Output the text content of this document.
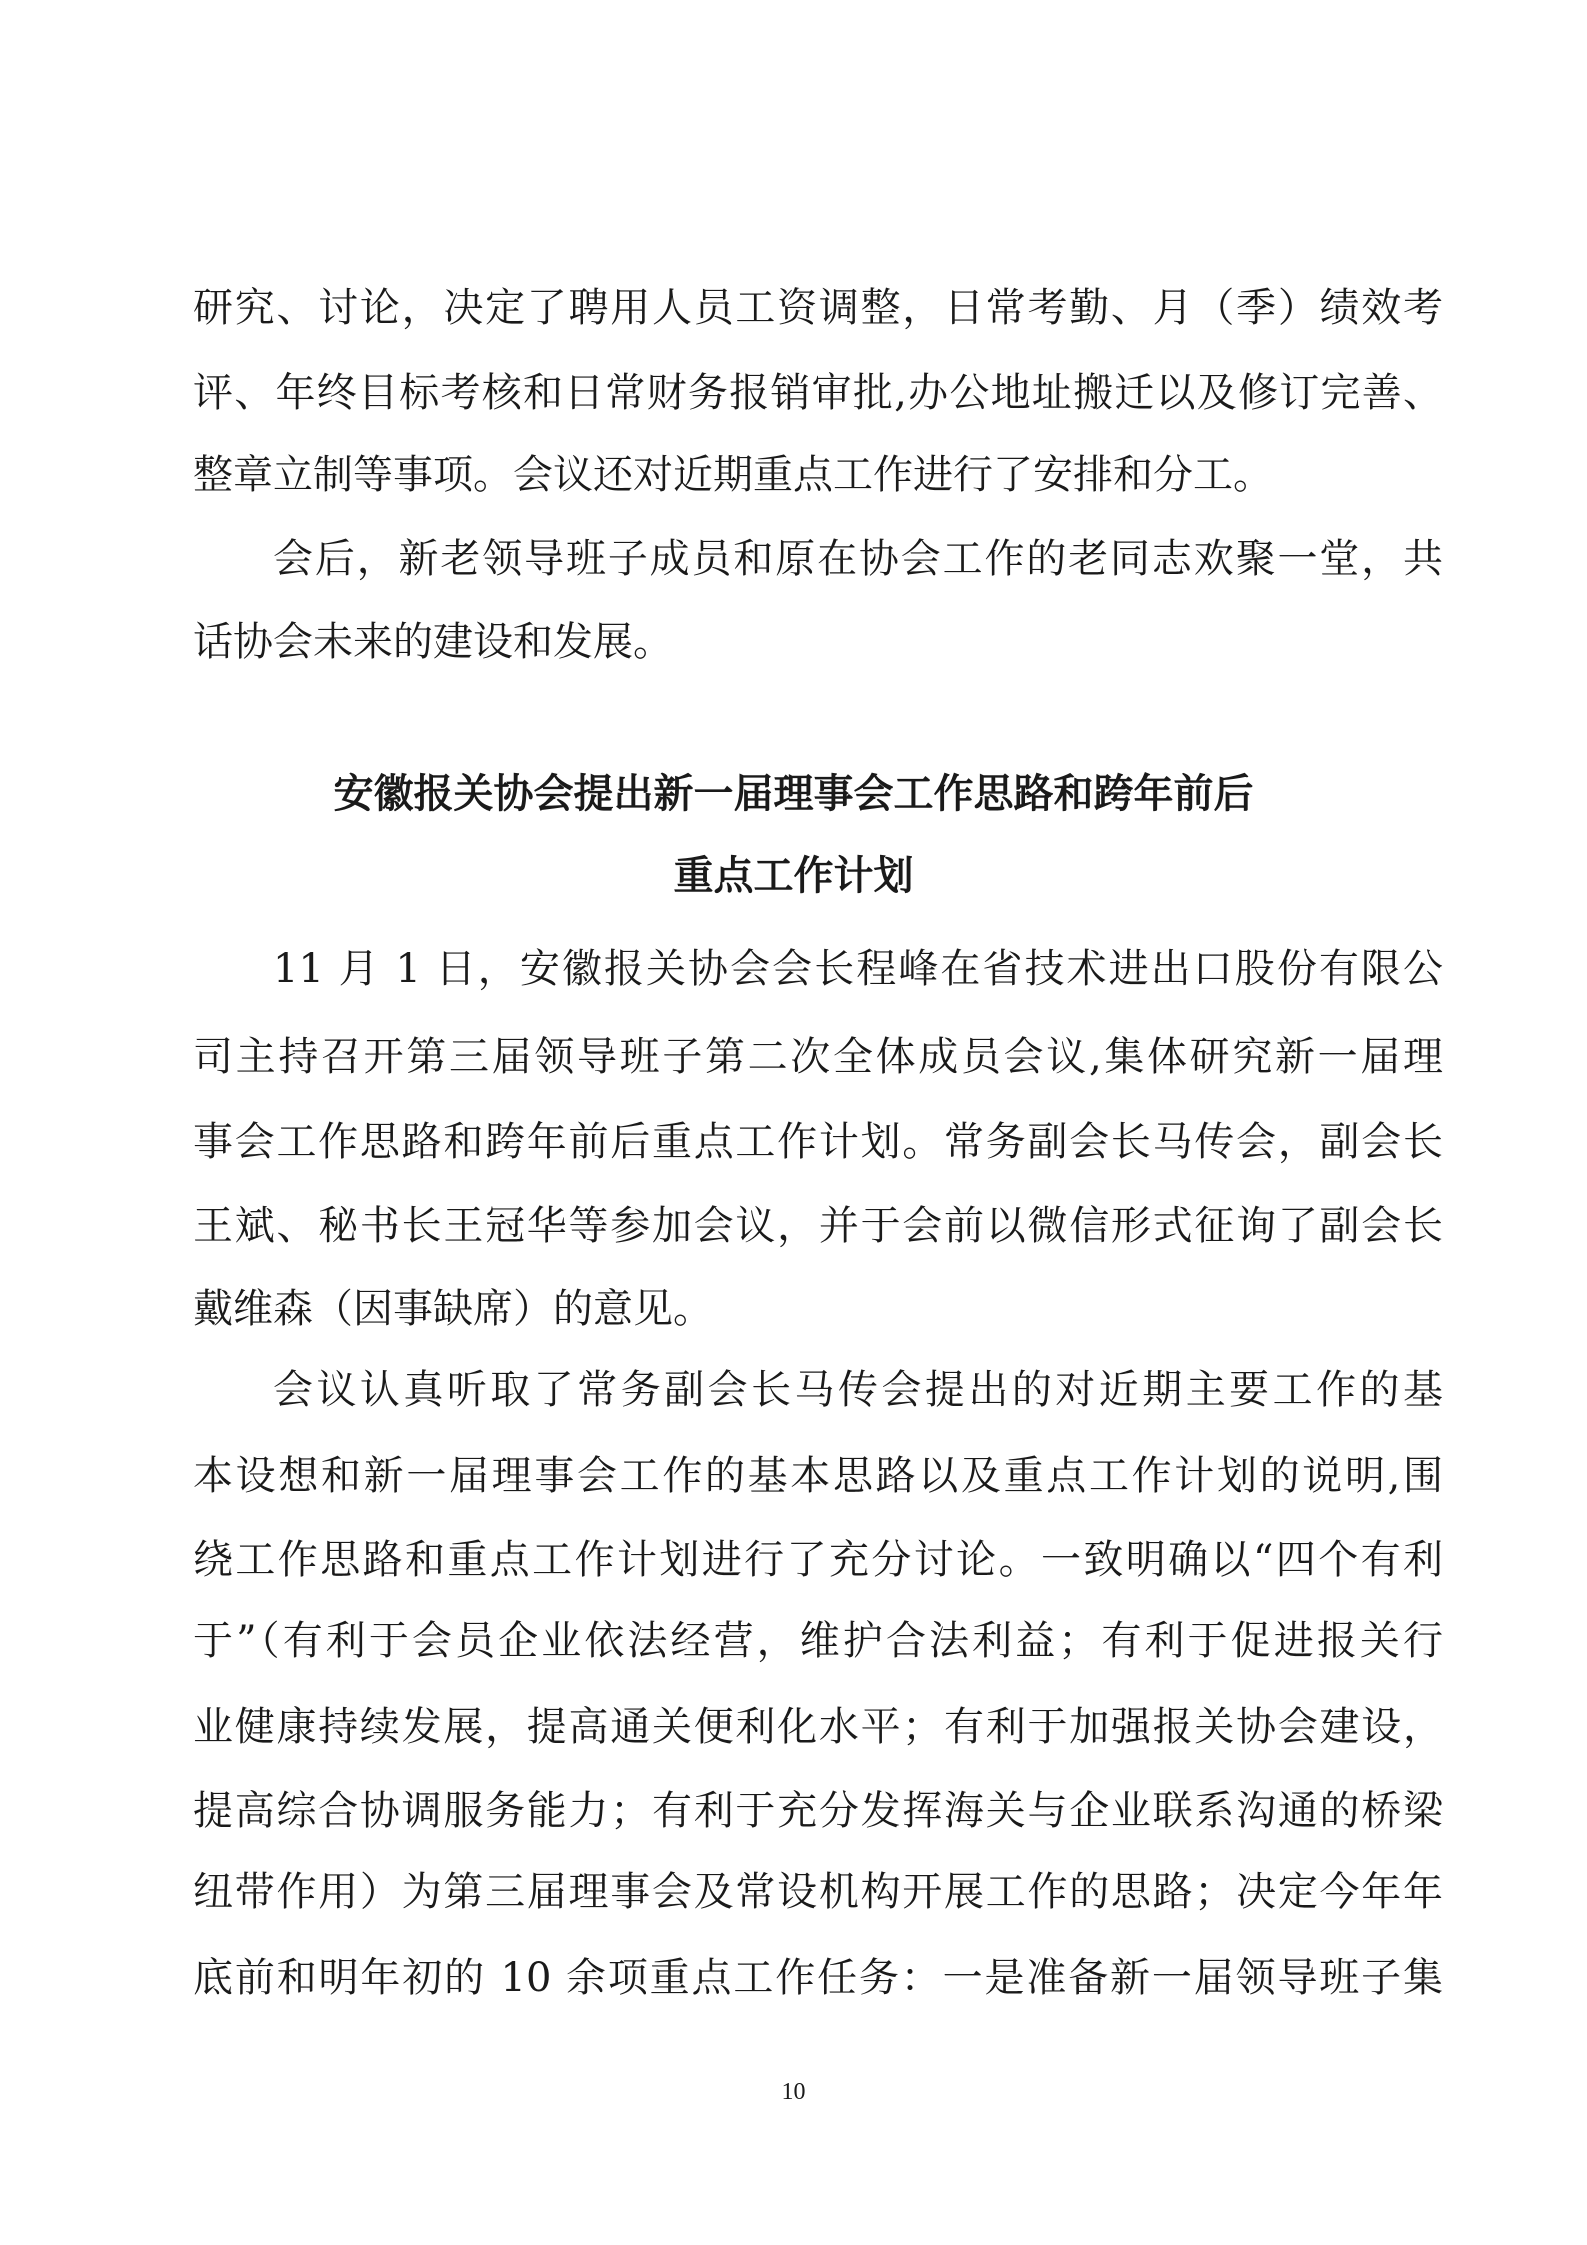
研究、讨论，决定了聘用人员工资调整，日常考勤、月（季）绩效考
评、年终目标考核和日常财务报销审批,办公地址搬迁以及修订完善、
整章立制等事项。会议还对近期重点工作进行了安排和分工。
会后，新老领导班子成员和原在协会工作的老同志欢聚一堂，共
话协会未来的建设和发展。
安徽报关协会提出新一届理事会工作思路和跨年前后
重点工作计划
11 月 1 日，安徽报关协会会长程峰在省技术进出口股份有限公
司主持召开第三届领导班子第二次全体成员会议,集体研究新一届理
事会工作思路和跨年前后重点工作计划。常务副会长马传会，副会长
王斌、秘书长王冠华等参加会议，并于会前以微信形式征询了副会长
戴维森（因事缺席）的意见。
会议认真听取了常务副会长马传会提出的对近期主要工作的基
本设想和新一届理事会工作的基本思路以及重点工作计划的说明,围
绕工作思路和重点工作计划进行了充分讨论。一致明确以“四个有利
于”（有利于会员企业依法经营，维护合法利益；有利于促进报关行
业健康持续发展，提高通关便利化水平；有利于加强报关协会建设，
提高综合协调服务能力；有利于充分发挥海关与企业联系沟通的桥梁
纽带作用）为第三届理事会及常设机构开展工作的思路；决定今年年
底前和明年初的 10 余项重点工作任务：一是准备新一届领导班子集
10
